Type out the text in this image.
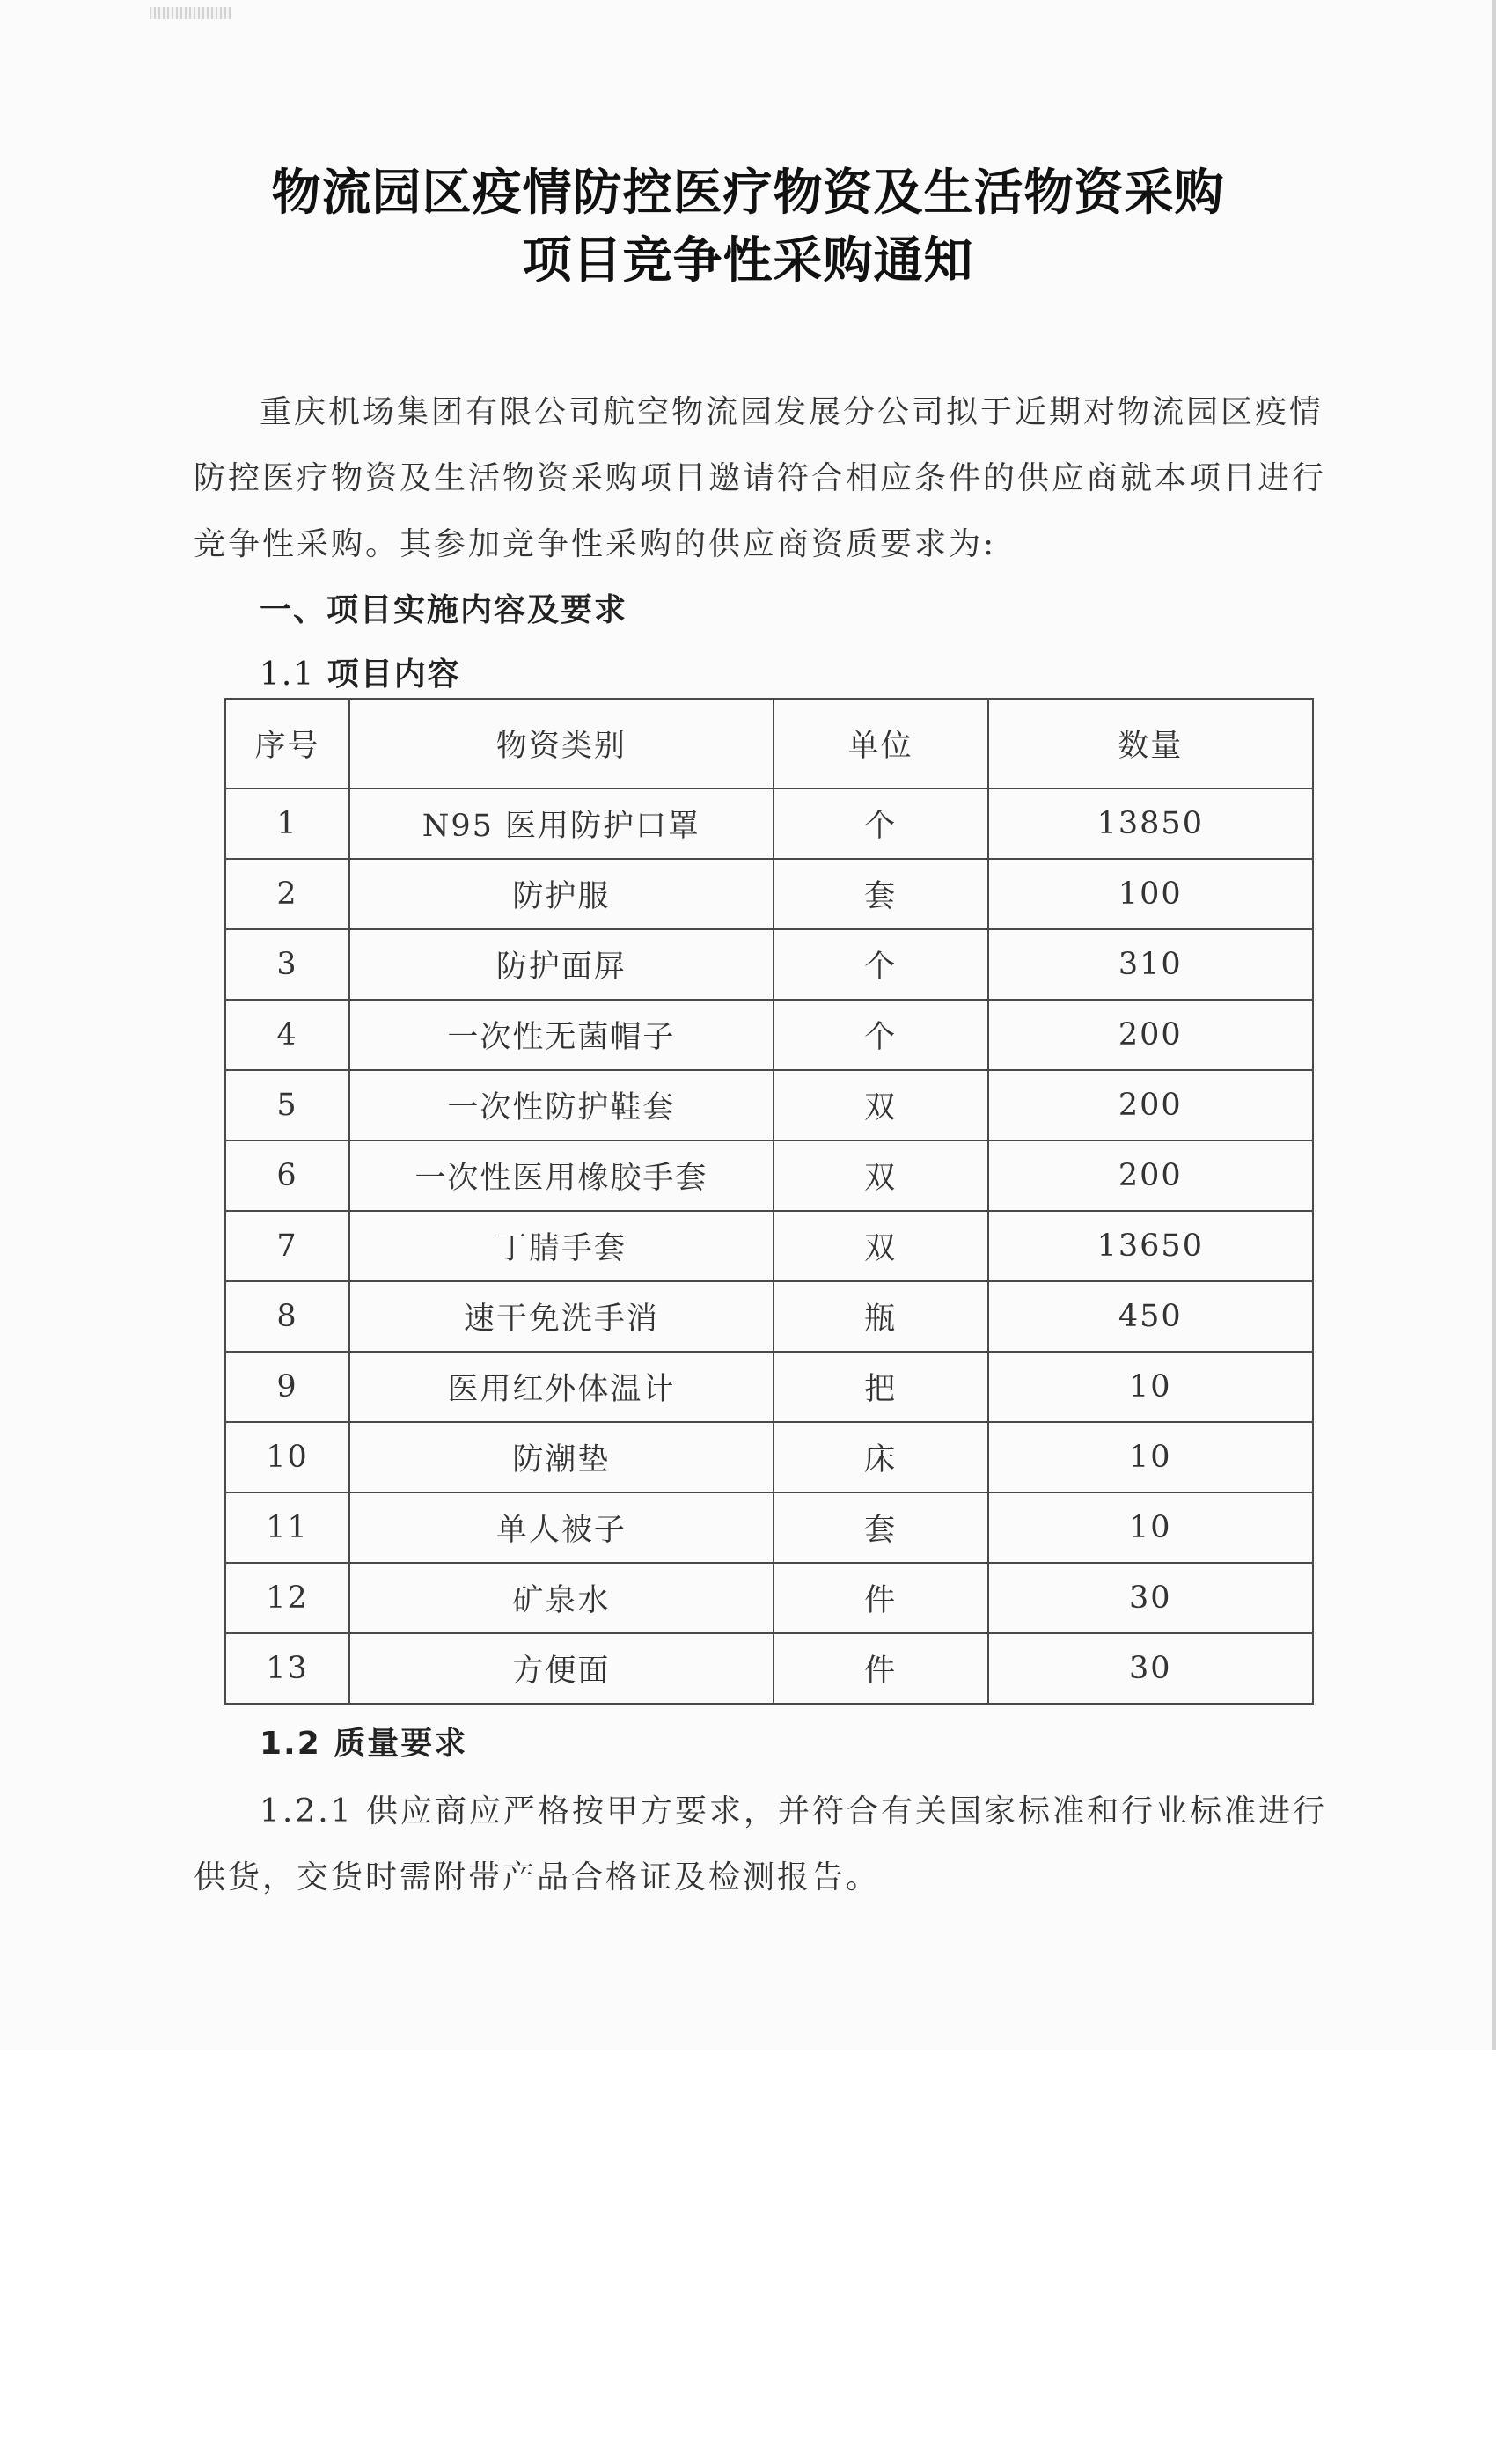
物流园区疫情防控医疗物资及生活物资采购
项目竞争性采购通知
重庆机场集团有限公司航空物流园发展分公司拟于近期对物流园区疫情
防控医疗物资及生活物资采购项目邀请符合相应条件的供应商就本项目进行
竞争性采购。其参加竞争性采购的供应商资质要求为:
一、项目实施内容及要求
1.1 项目内容
序号	物资类别	单位	数量
1	N95 医用防护口罩	个	13850
2	防护服	套	100
3	防护面屏	个	310
4	一次性无菌帽子	个	200
5	一次性防护鞋套	双	200
6	一次性医用橡胶手套	双	200
7	丁腈手套	双	13650
8	速干免洗手消	瓶	450
9	医用红外体温计	把	10
10	防潮垫	床	10
11	单人被子	套	10
12	矿泉水	件	30
13	方便面	件	30
1.2 质量要求
1.2.1 供应商应严格按甲方要求，并符合有关国家标准和行业标准进行
供货，交货时需附带产品合格证及检测报告。
